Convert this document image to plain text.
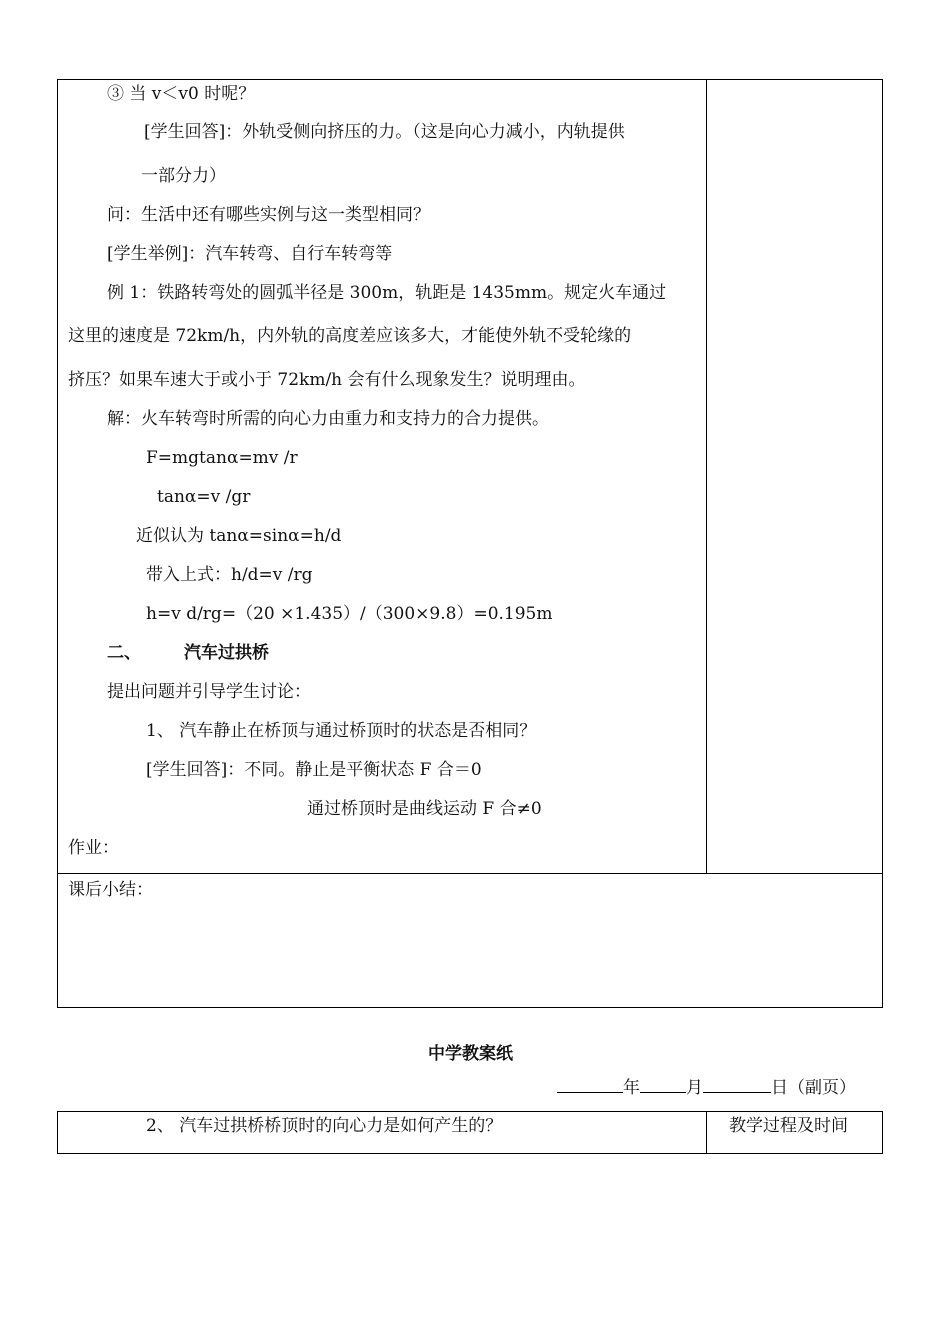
③ 当 v＜v0 时呢？
[学生回答]：外轨受侧向挤压的力。（这是向心力减小，内轨提供
一部分力）
问：生活中还有哪些实例与这一类型相同？
[学生举例]：汽车转弯、自行车转弯等
例 1：铁路转弯处的圆弧半径是 300m，轨距是 1435mm。规定火车通过
这里的速度是 72km/h，内外轨的高度差应该多大，才能使外轨不受轮缘的
挤压？如果车速大于或小于 72km/h 会有什么现象发生？说明理由。
解：火车转弯时所需的向心力由重力和支持力的合力提供。
F=mgtanα=mv /r
tanα=v /gr
近似认为 tanα=sinα=h/d
带入上式：h/d=v /rg
h=v d/rg=（20 ×1.435）/（300×9.8）=0.195m
二、	汽车过拱桥
提出问题并引导学生讨论：
1、 汽车静止在桥顶与通过桥顶时的状态是否相同？
[学生回答]：不同。静止是平衡状态 F 合＝0
通过桥顶时是曲线运动 F 合≠0
作业：
课后小结：
中学教案纸
年	月	日（副页）
2、 汽车过拱桥桥顶时的向心力是如何产生的？	教学过程及时间
